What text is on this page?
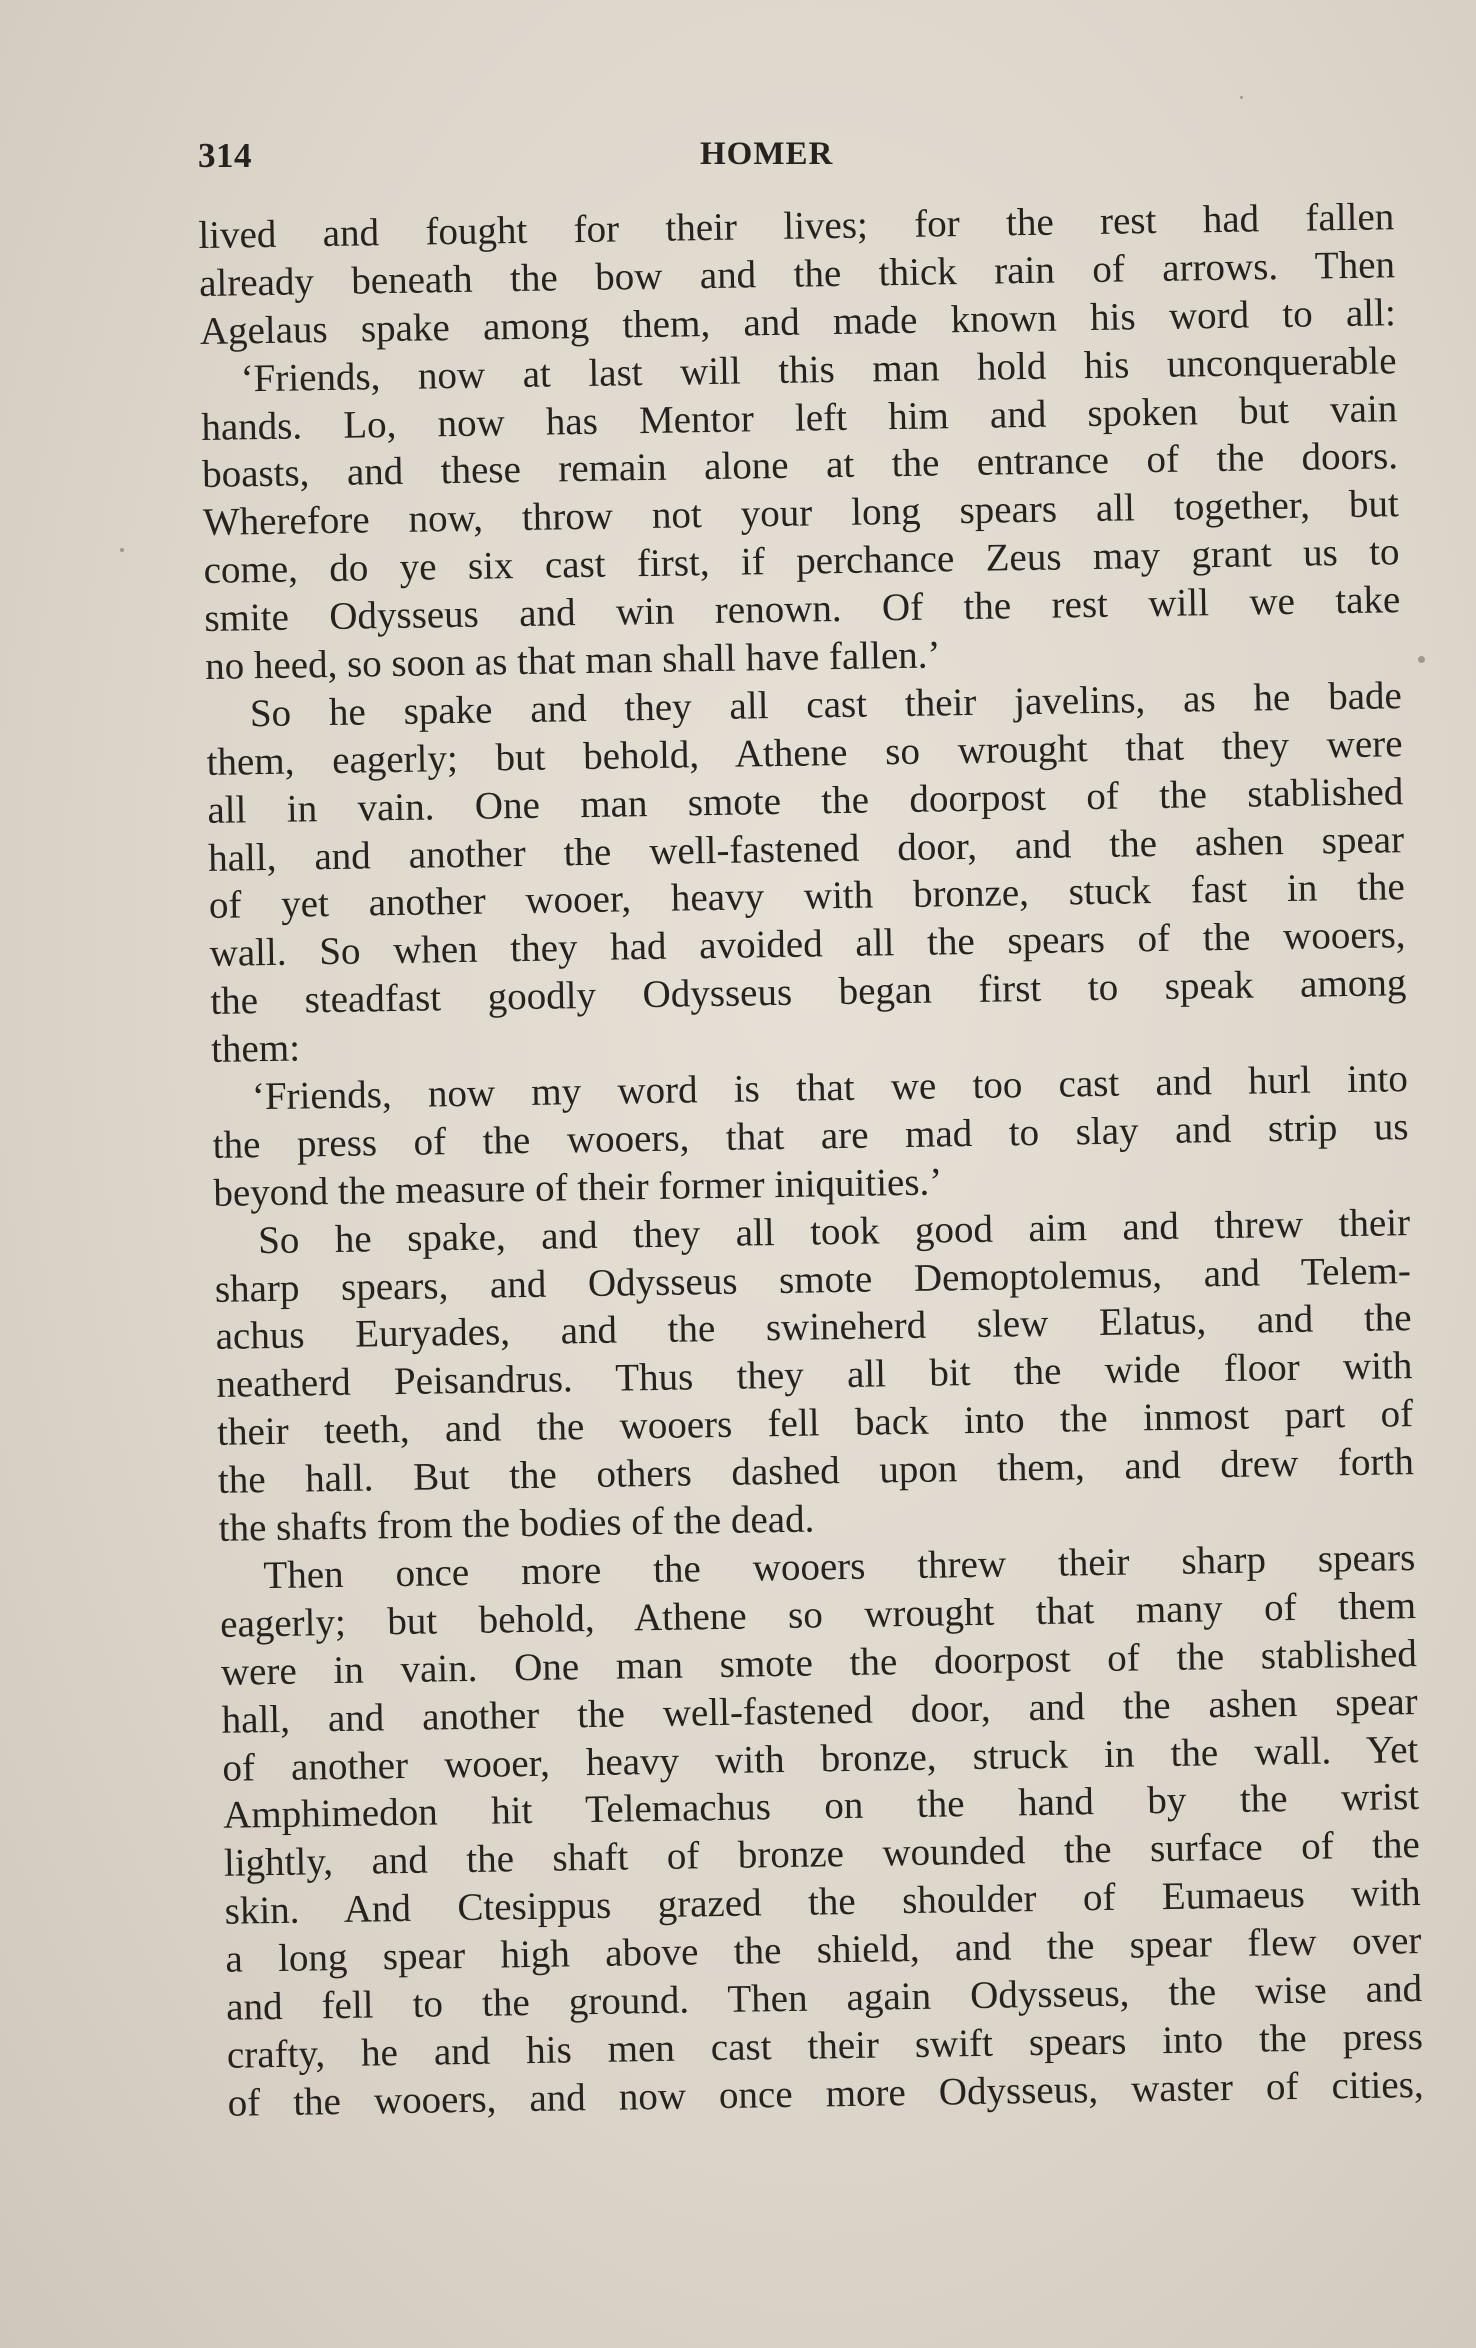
314	HOMER
lived and fought for their lives; for the rest had fallen
already beneath the bow and the thick rain of arrows. Then
Agelaus spake among them, and made known his word to all:
‘Friends, now at last will this man hold his unconquerable
hands. Lo, now has Mentor left him and spoken but vain
boasts, and these remain alone at the entrance of the doors.
Wherefore now, throw not your long spears all together, but
come, do ye six cast first, if perchance Zeus may grant us to
smite Odysseus and win renown. Of the rest will we take
no heed, so soon as that man shall have fallen.’
So he spake and they all cast their javelins, as he bade
them, eagerly; but behold, Athene so wrought that they were
all in vain. One man smote the doorpost of the stablished
hall, and another the well-fastened door, and the ashen spear
of yet another wooer, heavy with bronze, stuck fast in the
wall. So when they had avoided all the spears of the wooers,
the steadfast goodly Odysseus began first to speak among
them:
‘Friends, now my word is that we too cast and hurl into
the press of the wooers, that are mad to slay and strip us
beyond the measure of their former iniquities.’
So he spake, and they all took good aim and threw their
sharp spears, and Odysseus smote Demoptolemus, and Telem-
achus Euryades, and the swineherd slew Elatus, and the
neatherd Peisandrus. Thus they all bit the wide floor with
their teeth, and the wooers fell back into the inmost part of
the hall. But the others dashed upon them, and drew forth
the shafts from the bodies of the dead.
Then once more the wooers threw their sharp spears
eagerly; but behold, Athene so wrought that many of them
were in vain. One man smote the doorpost of the stablished
hall, and another the well-fastened door, and the ashen spear
of another wooer, heavy with bronze, struck in the wall. Yet
Amphimedon hit Telemachus on the hand by the wrist
lightly, and the shaft of bronze wounded the surface of the
skin. And Ctesippus grazed the shoulder of Eumaeus with
a long spear high above the shield, and the spear flew over
and fell to the ground. Then again Odysseus, the wise and
crafty, he and his men cast their swift spears into the press
of the wooers, and now once more Odysseus, waster of cities,
